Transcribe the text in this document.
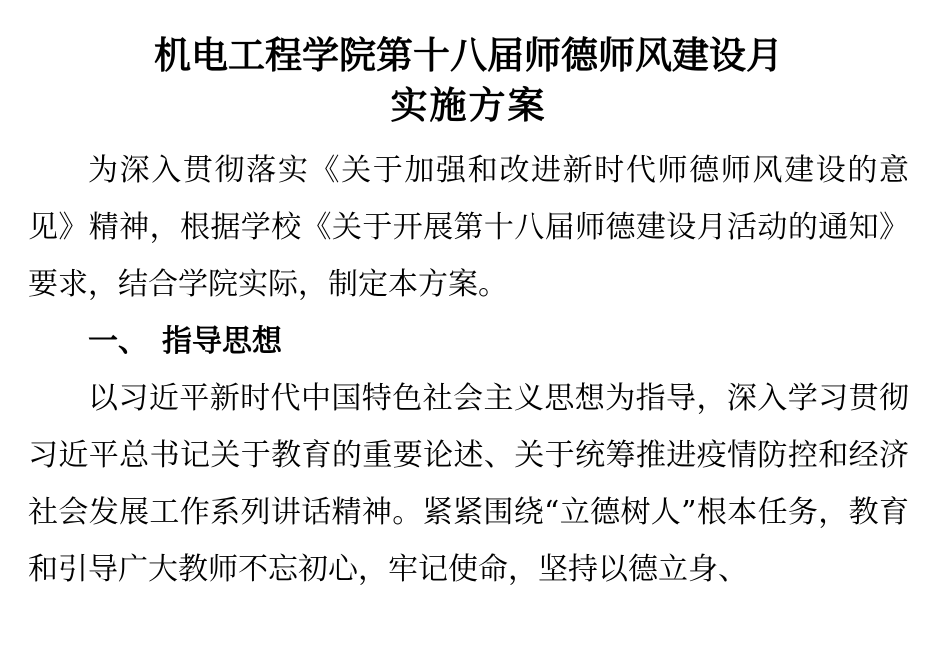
机电工程学院第十八届师德师风建设月
实施方案

为深入贯彻落实《关于加强和改进新时代师德师风建设的意见》精神，根据学校《关于开展第十八届师德建设月活动的通知》要求，结合学院实际，制定本方案。

一、 指导思想

以习近平新时代中国特色社会主义思想为指导，深入学习贯彻习近平总书记关于教育的重要论述、关于统筹推进疫情防控和经济社会发展工作系列讲话精神。紧紧围绕“立德树人”根本任务，教育和引导广大教师不忘初心，牢记使命，坚持以德立身、
